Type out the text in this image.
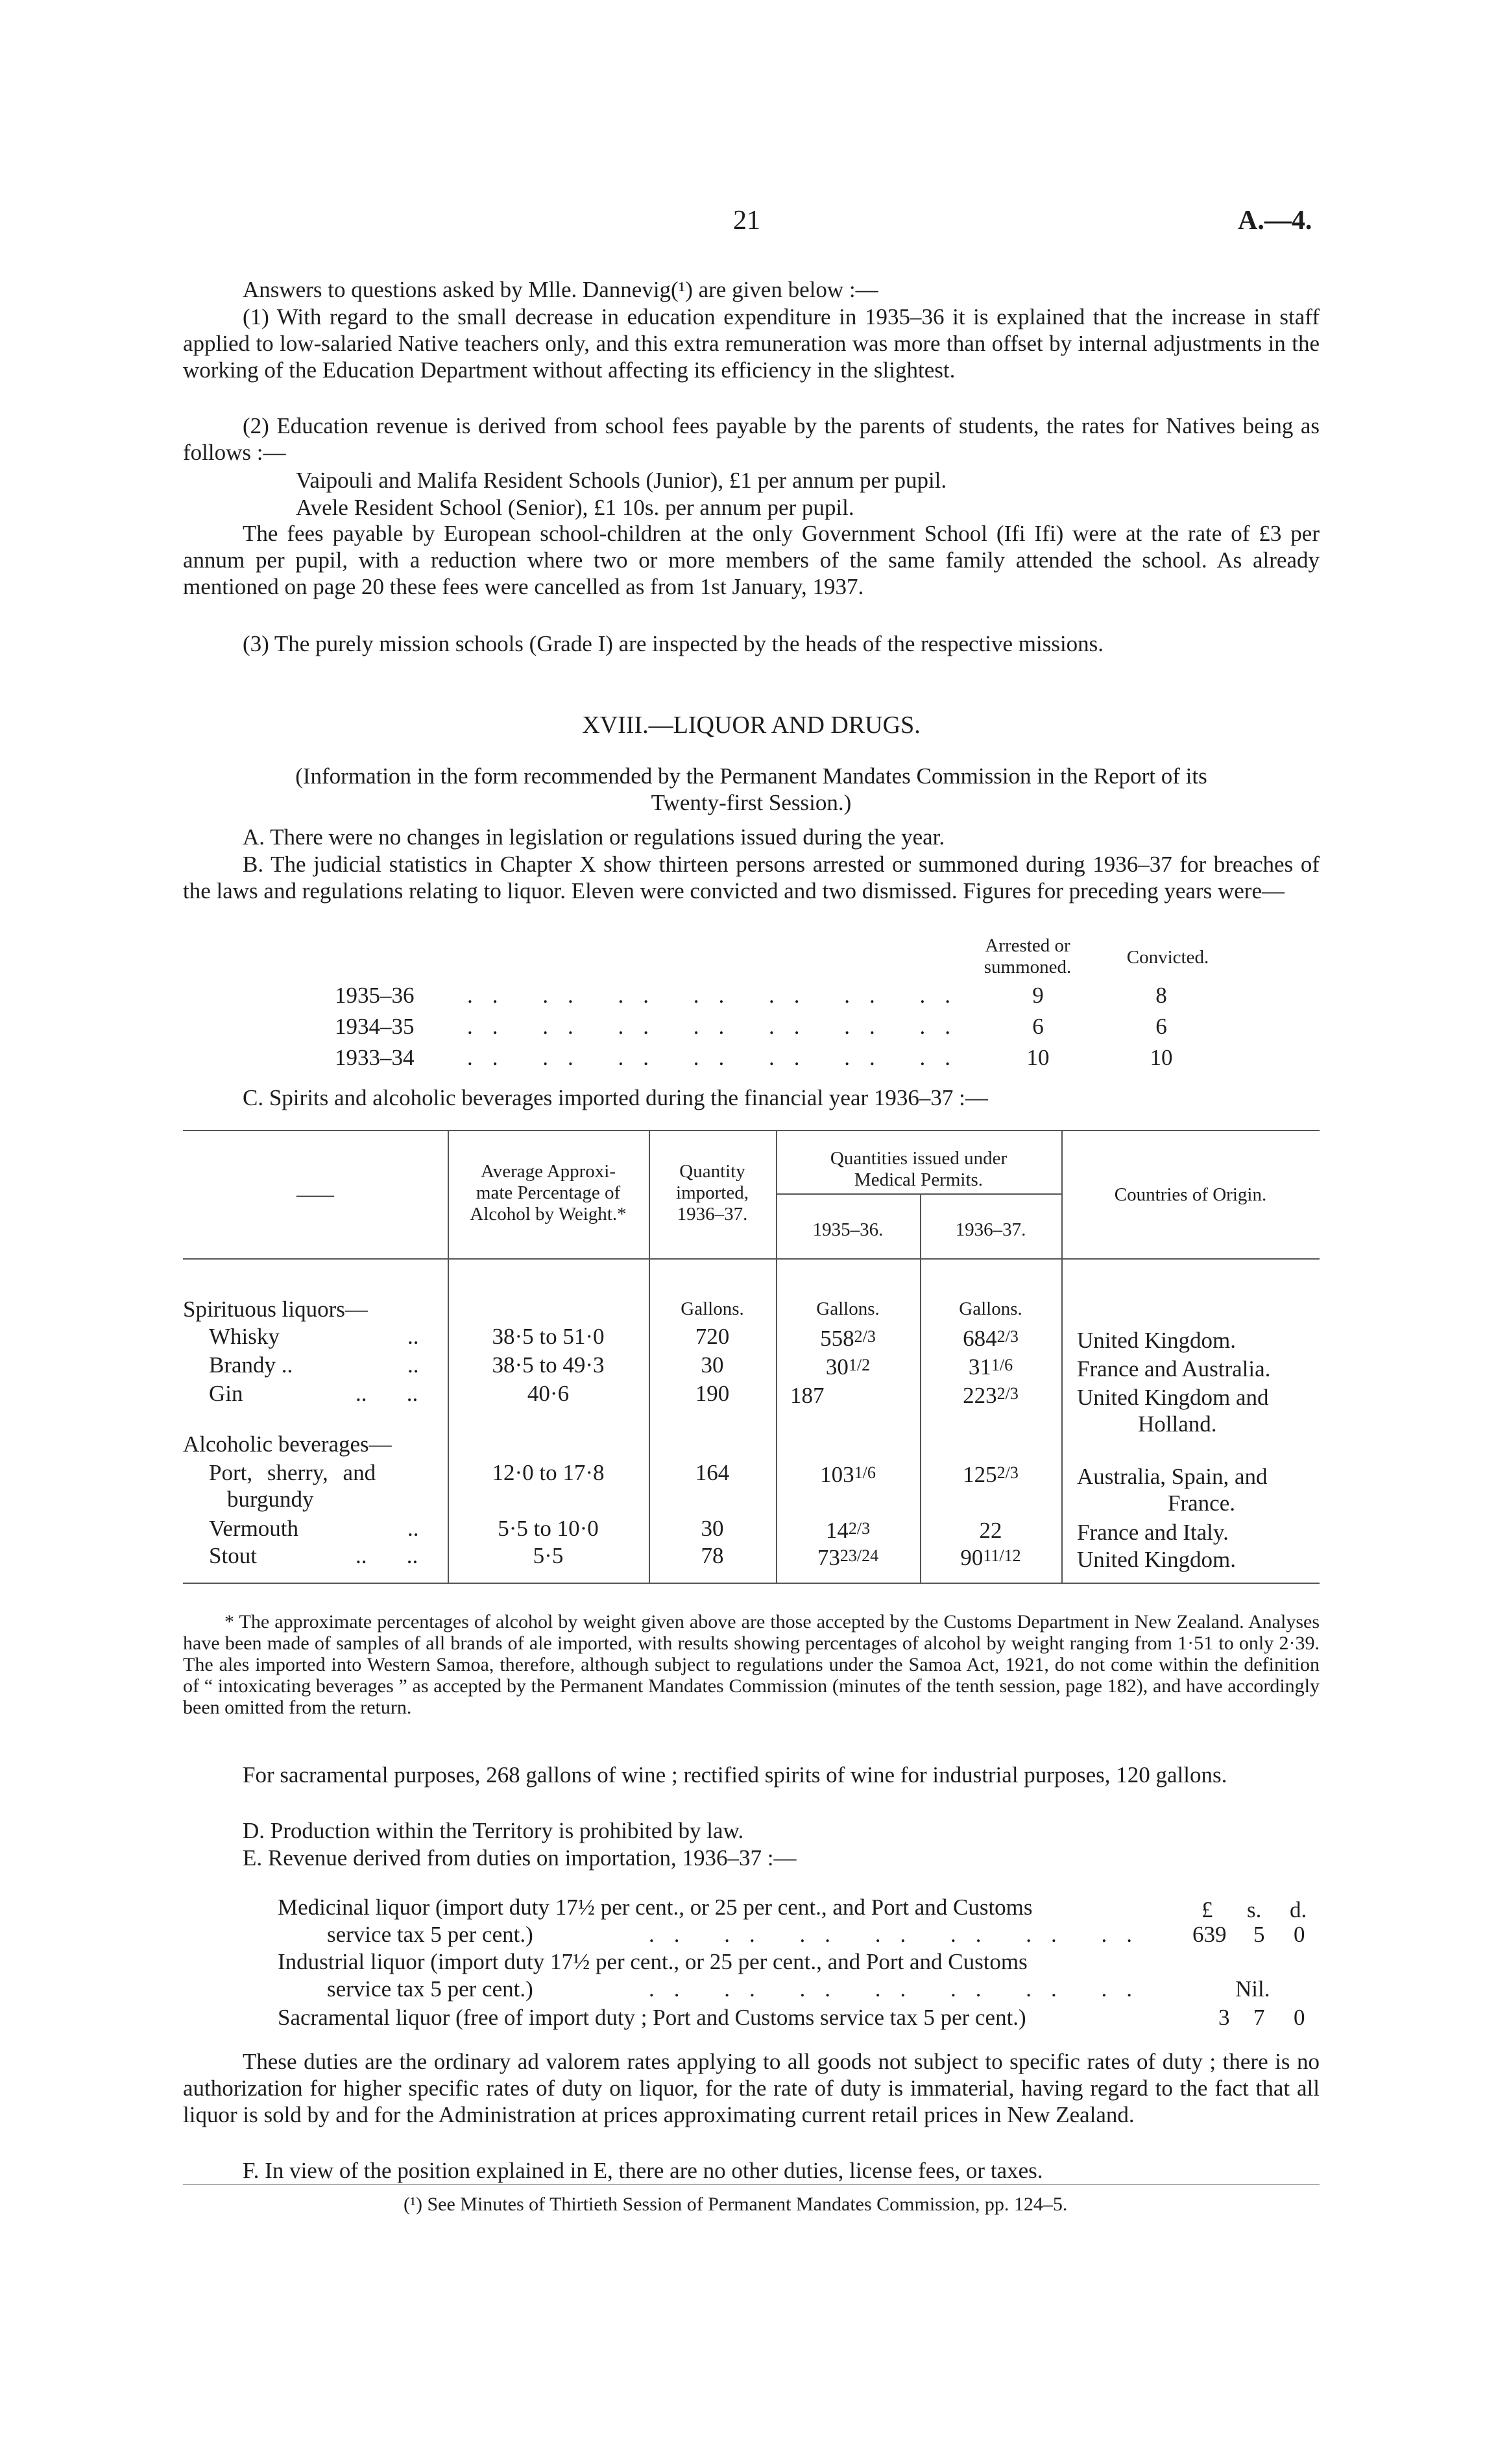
21	A.—4.
Answers to questions asked by Mlle. Dannevig(¹) are given below :—
(1) With regard to the small decrease in education expenditure in 1935–36 it is explained that the increase in staff applied to low-salaried Native teachers only, and this extra remuneration was more than offset by internal adjustments in the working of the Education Department without affecting its efficiency in the slightest.
(2) Education revenue is derived from school fees payable by the parents of students, the rates for Natives being as follows :—
Vaipouli and Malifa Resident Schools (Junior), £1 per annum per pupil.
Avele Resident School (Senior), £1 10s. per annum per pupil.
The fees payable by European school-children at the only Government School (Ifi Ifi) were at the rate of £3 per annum per pupil, with a reduction where two or more members of the same family attended the school. As already mentioned on page 20 these fees were cancelled as from 1st January, 1937.
(3) The purely mission schools (Grade I) are inspected by the heads of the respective missions.
XVIII.—LIQUOR AND DRUGS.
(Information in the form recommended by the Permanent Mandates Commission in the Report of its
Twenty-first Session.)
A. There were no changes in legislation or regulations issued during the year.
B. The judicial statistics in Chapter X show thirteen persons arrested or summoned during 1936–37 for breaches of the laws and regulations relating to liquor. Eleven were convicted and two dismissed. Figures for preceding years were—
Arrested or
summoned.	Convicted.
1935–36 .. .. .. .. .. .. ..	9	8
1934–35 .. .. .. .. .. .. ..	6	6
1933–34 .. .. .. .. .. .. ..	10	10
C. Spirits and alcoholic beverages imported during the financial year 1936–37 :—
——
Average Approxi-
mate Percentage of
Alcohol by Weight.*
Quantity
imported,
1936–37.
Quantities issued under
Medical Permits.
1935–36.	1936–37.
Countries of Origin.
Spirituous liquors—	Gallons.	Gallons.	Gallons.
Whisky	..	38·5 to 51·0	720	5582/3	6842/3	United Kingdom.
Brandy ..	..	38·5 to 49·3	30	301/2	311/6	France and Australia.
Gin	..       ..	40·6	190	187	2232/3	United Kingdom and
Holland.
Alcoholic beverages—
Port, sherry, and
burgundy
12·0 to 17·8	164	1031/6	1252/3	Australia, Spain, and
France.
Vermouth	..	5·5 to 10·0	30	142/3	22	France and Italy.
Stout	..       ..	5·5	78	7323/24	9011/12	United Kingdom.
* The approximate percentages of alcohol by weight given above are those accepted by the Customs Department in New Zealand. Analyses have been made of samples of all brands of ale imported, with results showing percentages of alcohol by weight ranging from 1·51 to only 2·39. The ales imported into Western Samoa, therefore, although subject to regulations under the Samoa Act, 1921, do not come within the definition of “ intoxicating beverages ” as accepted by the Permanent Mandates Commission (minutes of the tenth session, page 182), and have accordingly been omitted from the return.
For sacramental purposes, 268 gallons of wine ; rectified spirits of wine for industrial purposes, 120 gallons.
D. Production within the Territory is prohibited by law.
E. Revenue derived from duties on importation, 1936–37 :—
£ s. d.
Medicinal liquor (import duty 17½ per cent., or 25 per cent., and Port and Customs
service tax 5 per cent.)	.. .. .. .. .. .. .. 639 5 0
Industrial liquor (import duty 17½ per cent., or 25 per cent., and Port and Customs
service tax 5 per cent.)	.. .. .. .. .. .. ..	Nil.
Sacramental liquor (free of import duty ; Port and Customs service tax 5 per cent.)	3 7 0
These duties are the ordinary ad valorem rates applying to all goods not subject to specific rates of duty ; there is no authorization for higher specific rates of duty on liquor, for the rate of duty is immaterial, having regard to the fact that all liquor is sold by and for the Administration at prices approximating current retail prices in New Zealand.
F. In view of the position explained in E, there are no other duties, license fees, or taxes.
(¹) See Minutes of Thirtieth Session of Permanent Mandates Commission, pp. 124–5.
